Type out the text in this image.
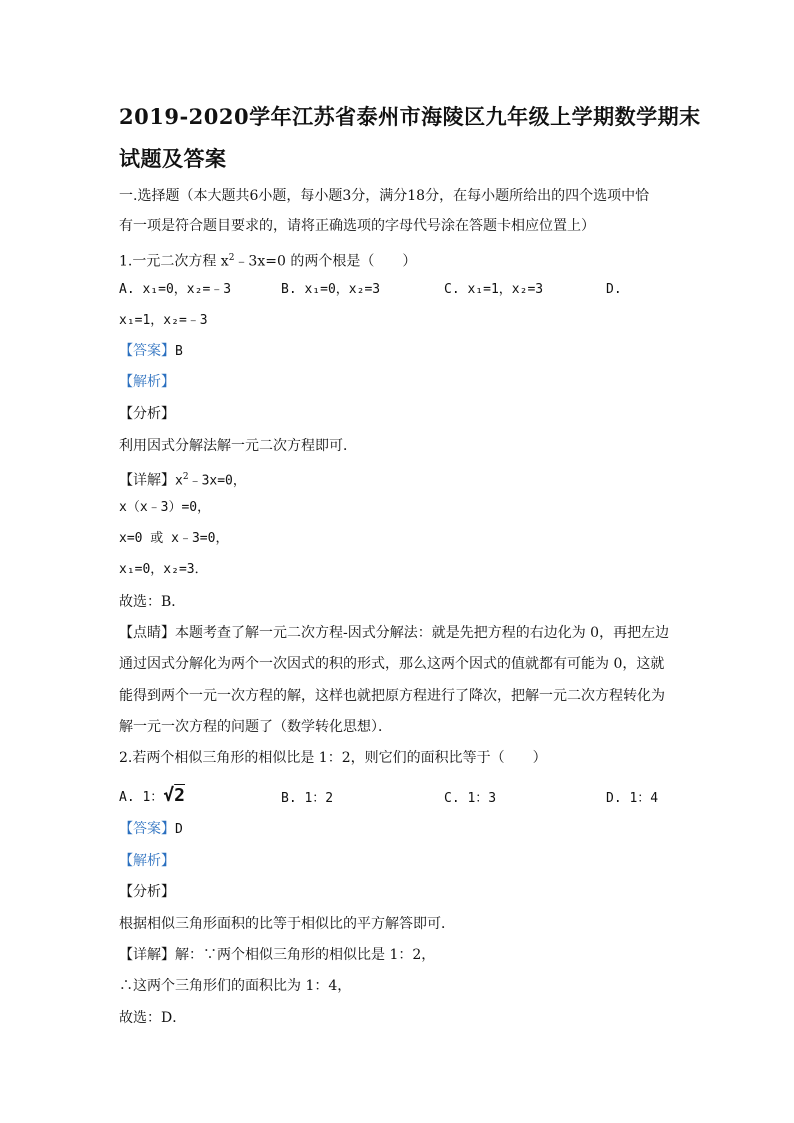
2019-2020学年江苏省泰州市海陵区九年级上学期数学期末
试题及答案
一.选择题（本大题共6小题，每小题3分，满分18分，在每小题所给出的四个选项中恰
有一项是符合题目要求的，请将正确选项的字母代号涂在答题卡相应位置上）
1.一元二次方程 $x^2﹣3x=0$ 的两个根是（　　）
A. x₁=0，x₂=﹣3	B. x₁=0，x₂=3	C. x₁=1，x₂=3	D.
x₁=1，x₂=﹣3
【答案】B
【解析】
【分析】
利用因式分解法解一元二次方程即可．
【详解】$x^2﹣3x=0$，
x（x﹣3）=0，
x=0 或 x﹣3=0，
x₁=0，x₂=3．
故选：B．
【点睛】本题考查了解一元二次方程-因式分解法：就是先把方程的右边化为 0，再把左边
通过因式分解化为两个一次因式的积的形式，那么这两个因式的值就都有可能为 0，这就
能得到两个一元一次方程的解，这样也就把原方程进行了降次，把解一元二次方程转化为
解一元一次方程的问题了（数学转化思想）．
2.若两个相似三角形的相似比是 1：2，则它们的面积比等于（　　）
A. 1：√2	B. 1：2	C. 1：3	D. 1：4
【答案】D
【解析】
【分析】
根据相似三角形面积的比等于相似比的平方解答即可．
【详解】解：∵两个相似三角形的相似比是 1：2，
∴这两个三角形们的面积比为 1：4，
故选：D．
